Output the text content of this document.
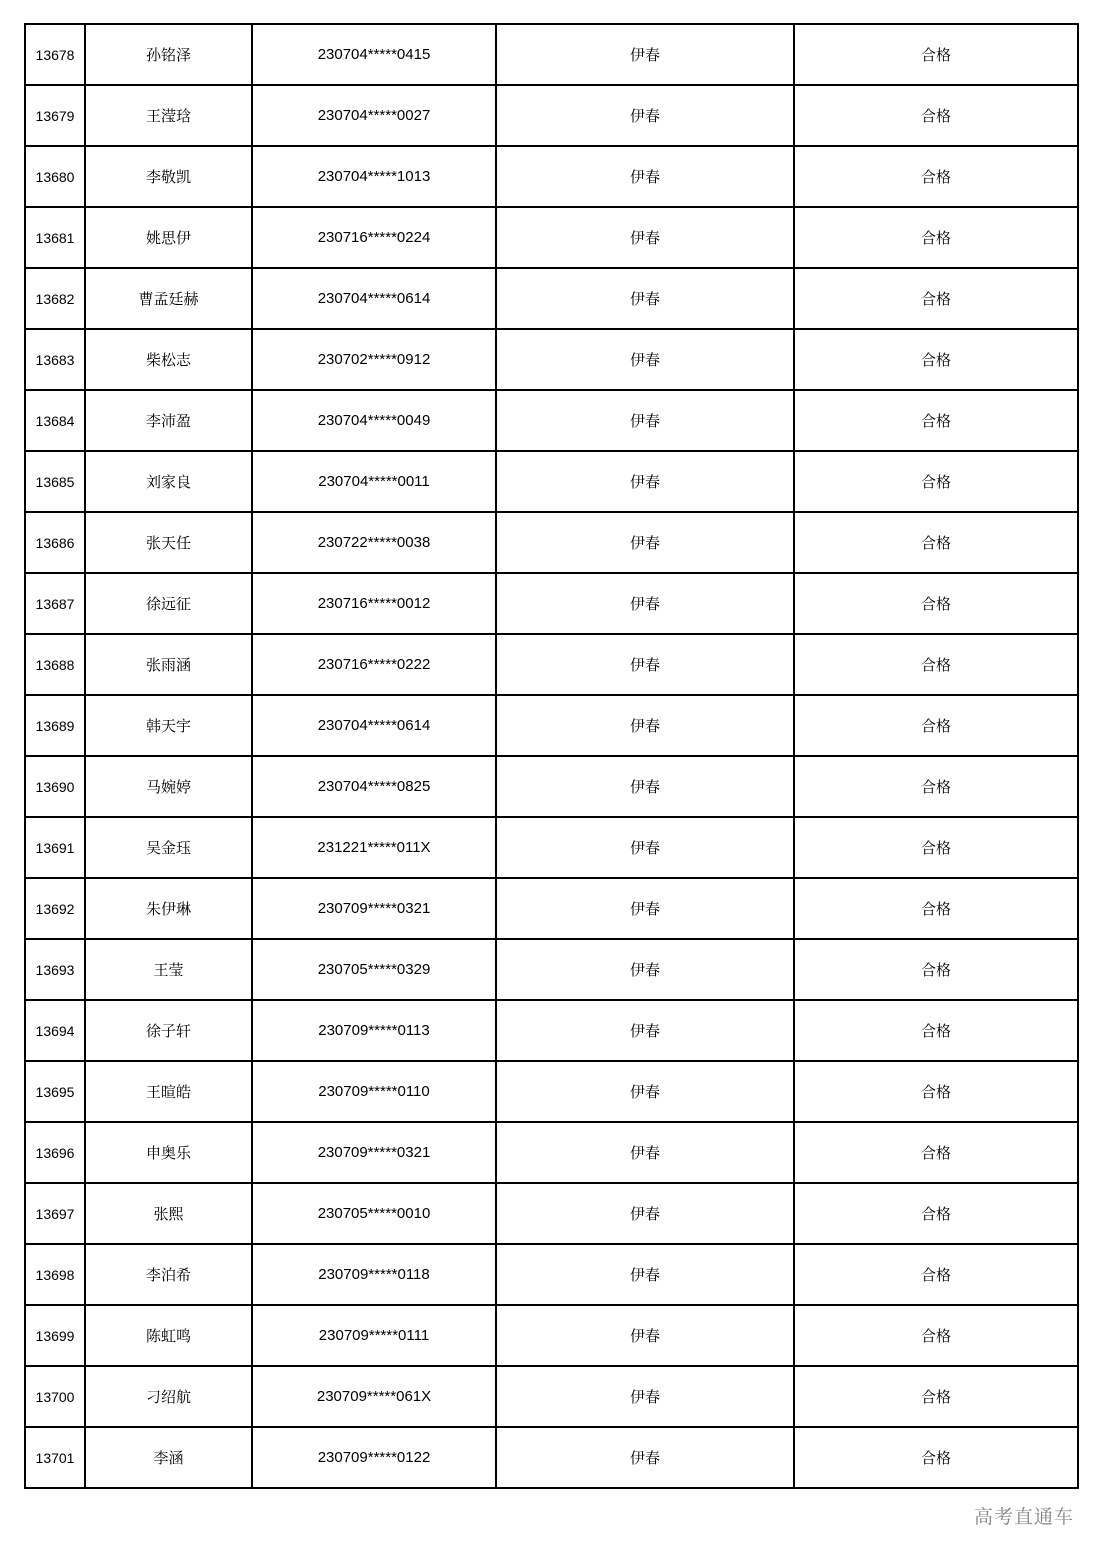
13678	孙铭泽	230704*****0415	伊春	合格
13679	王滢琀	230704*****0027	伊春	合格
13680	李敬凯	230704*****1013	伊春	合格
13681	姚思伊	230716*****0224	伊春	合格
13682	曹孟廷赫	230704*****0614	伊春	合格
13683	柴松志	230702*****0912	伊春	合格
13684	李沛盈	230704*****0049	伊春	合格
13685	刘家良	230704*****0011	伊春	合格
13686	张天任	230722*****0038	伊春	合格
13687	徐远征	230716*****0012	伊春	合格
13688	张雨涵	230716*****0222	伊春	合格
13689	韩天宇	230704*****0614	伊春	合格
13690	马婉婷	230704*****0825	伊春	合格
13691	吴金珏	231221*****011X	伊春	合格
13692	朱伊琳	230709*****0321	伊春	合格
13693	王莹	230705*****0329	伊春	合格
13694	徐子轩	230709*****0113	伊春	合格
13695	王暄皓	230709*****0110	伊春	合格
13696	申奥乐	230709*****0321	伊春	合格
13697	张熙	230705*****0010	伊春	合格
13698	李泊希	230709*****0118	伊春	合格
13699	陈虹鸣	230709*****0111	伊春	合格
13700	刁绍航	230709*****061X	伊春	合格
13701	李涵	230709*****0122	伊春	合格
高考直通车
